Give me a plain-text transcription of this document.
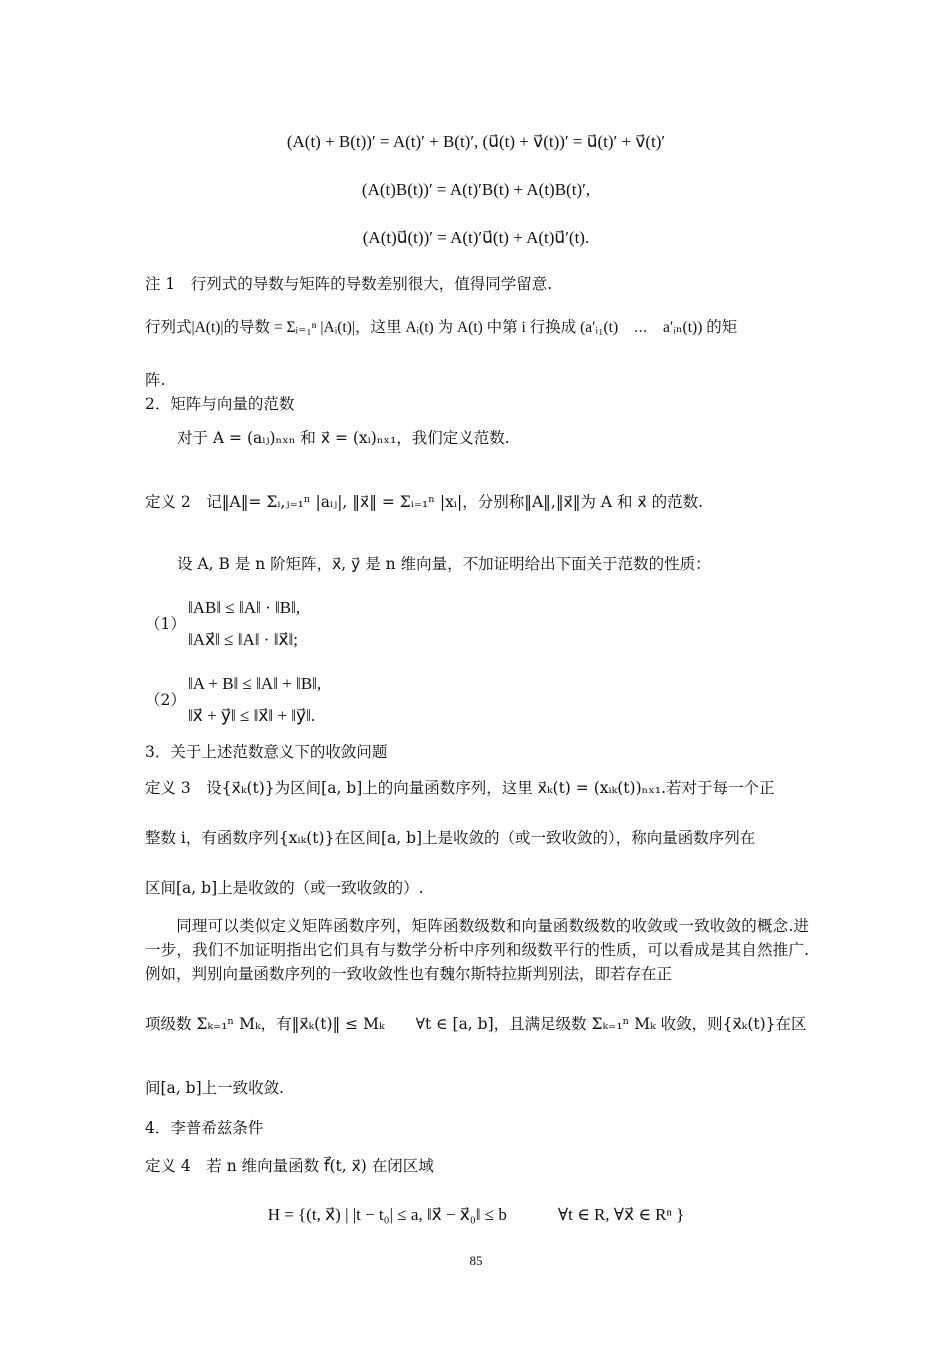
(A(t) + B(t))′ = A(t)′ + B(t)′, (u⃗(t) + v⃗(t))′ = u⃗(t)′ + v⃗(t)′
(A(t)B(t))′ = A(t)′B(t) + A(t)B(t)′,
(A(t)u⃗(t))′ = A(t)′u⃗(t) + A(t)u⃗′(t).
注 1　行列式的导数与矩阵的导数差别很大，值得同学留意.
行列式|A(t)|的导数 = Σᵢ₌₁ⁿ |Aᵢ(t)|，这里 Aᵢ(t) 为 A(t) 中第 i 行换成 (a′ᵢ₁(t)　⋯　a′ᵢₙ(t)) 的矩
阵.
2．矩阵与向量的范数
对于 A = (aᵢⱼ)ₙₓₙ 和 x⃗ = (xᵢ)ₙₓ₁，我们定义范数.
定义 2　记‖A‖= Σᵢ,ⱼ₌₁ⁿ |aᵢⱼ|, ‖x⃗‖ = Σᵢ₌₁ⁿ |xᵢ|，分别称‖A‖,‖x⃗‖为 A 和 x⃗ 的范数.
设 A, B 是 n 阶矩阵，x⃗, y⃗ 是 n 维向量，不加证明给出下面关于范数的性质：
（1）
‖AB‖ ≤ ‖A‖ · ‖B‖,
‖Ax⃗‖ ≤ ‖A‖ · ‖x⃗‖;
（2）
‖A + B‖ ≤ ‖A‖ + ‖B‖,
‖x⃗ + y⃗‖ ≤ ‖x⃗‖ + ‖y⃗‖.
3．关于上述范数意义下的收敛问题
定义 3　设{x⃗ₖ(t)}为区间[a, b]上的向量函数序列，这里 x⃗ₖ(t) = (xᵢₖ(t))ₙₓ₁.若对于每一个正
整数 i，有函数序列{xᵢₖ(t)}在区间[a, b]上是收敛的（或一致收敛的），称向量函数序列在
区间[a, b]上是收敛的（或一致收敛的）.
同理可以类似定义矩阵函数序列，矩阵函数级数和向量函数级数的收敛或一致收敛的概念.进一步，我们不加证明指出它们具有与数学分析中序列和级数平行的性质，可以看成是其自然推广.例如，判别向量函数序列的一致收敛性也有魏尔斯特拉斯判别法，即若存在正
项级数 Σₖ₌₁ⁿ Mₖ，有‖x⃗ₖ(t)‖ ≤ Mₖ　　∀t ∈ [a, b]，且满足级数 Σₖ₌₁ⁿ Mₖ 收敛，则{x⃗ₖ(t)}在区
间[a, b]上一致收敛.
4．李普希兹条件
定义 4　若 n 维向量函数 f⃗(t, x⃗) 在闭区域
H = {(t, x⃗) | |t − t₀| ≤ a, ‖x⃗ − x⃗₀‖ ≤ b　　　∀t ∈ R, ∀x⃗ ∈ Rⁿ }
85
